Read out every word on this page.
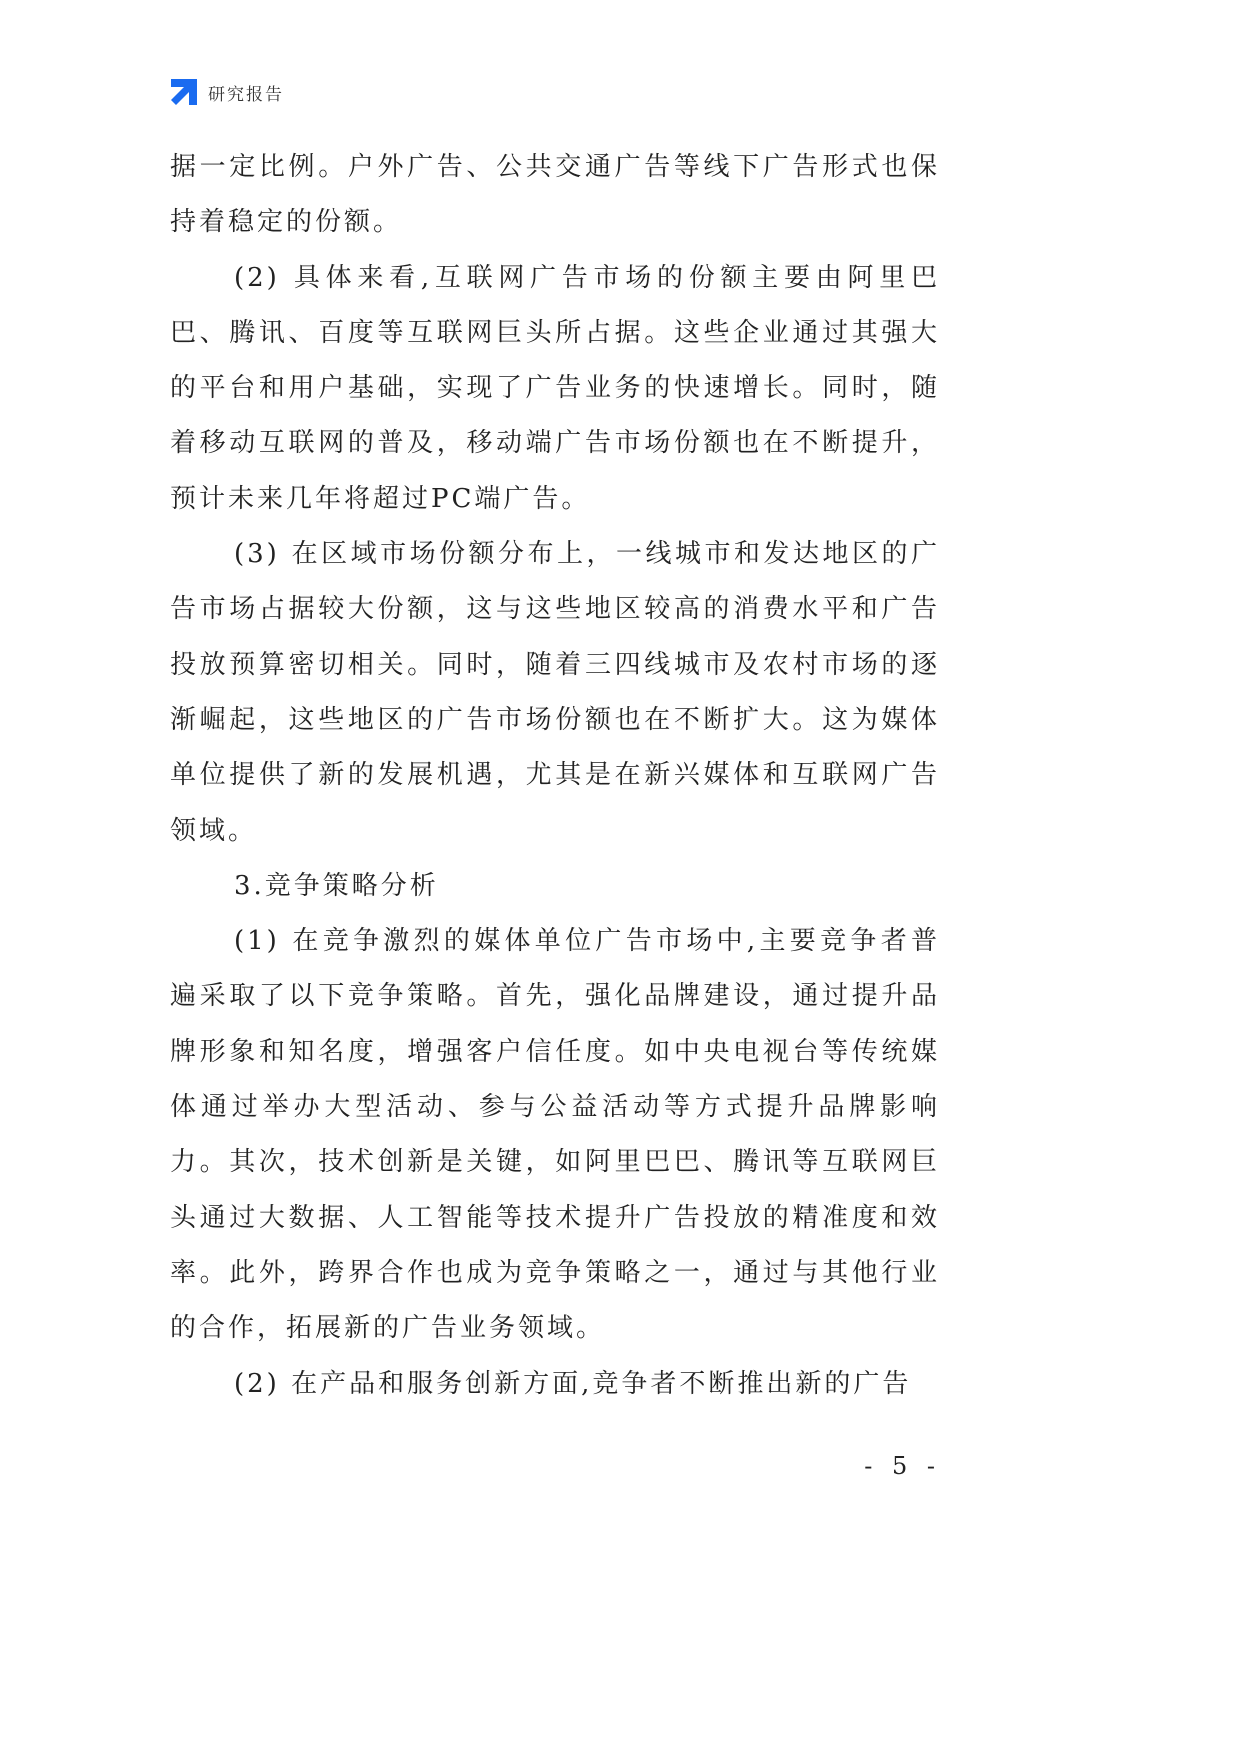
研究报告

据一定比例。户外广告、公共交通广告等线下广告形式也保持着稳定的份额。

(2) 具体来看,互联网广告市场的份额主要由阿里巴巴、腾讯、百度等互联网巨头所占据。这些企业通过其强大的平台和用户基础，实现了广告业务的快速增长。同时，随着移动互联网的普及，移动端广告市场份额也在不断提升，预计未来几年将超过PC端广告。

(3) 在区域市场份额分布上，一线城市和发达地区的广告市场占据较大份额，这与这些地区较高的消费水平和广告投放预算密切相关。同时，随着三四线城市及农村市场的逐渐崛起，这些地区的广告市场份额也在不断扩大。这为媒体单位提供了新的发展机遇，尤其是在新兴媒体和互联网广告领域。

3.竞争策略分析

(1) 在竞争激烈的媒体单位广告市场中,主要竞争者普遍采取了以下竞争策略。首先，强化品牌建设，通过提升品牌形象和知名度，增强客户信任度。如中央电视台等传统媒体通过举办大型活动、参与公益活动等方式提升品牌影响力。其次，技术创新是关键，如阿里巴巴、腾讯等互联网巨头通过大数据、人工智能等技术提升广告投放的精准度和效率。此外，跨界合作也成为竞争策略之一，通过与其他行业的合作，拓展新的广告业务领域。

(2) 在产品和服务创新方面,竞争者不断推出新的广告

- 5 -
